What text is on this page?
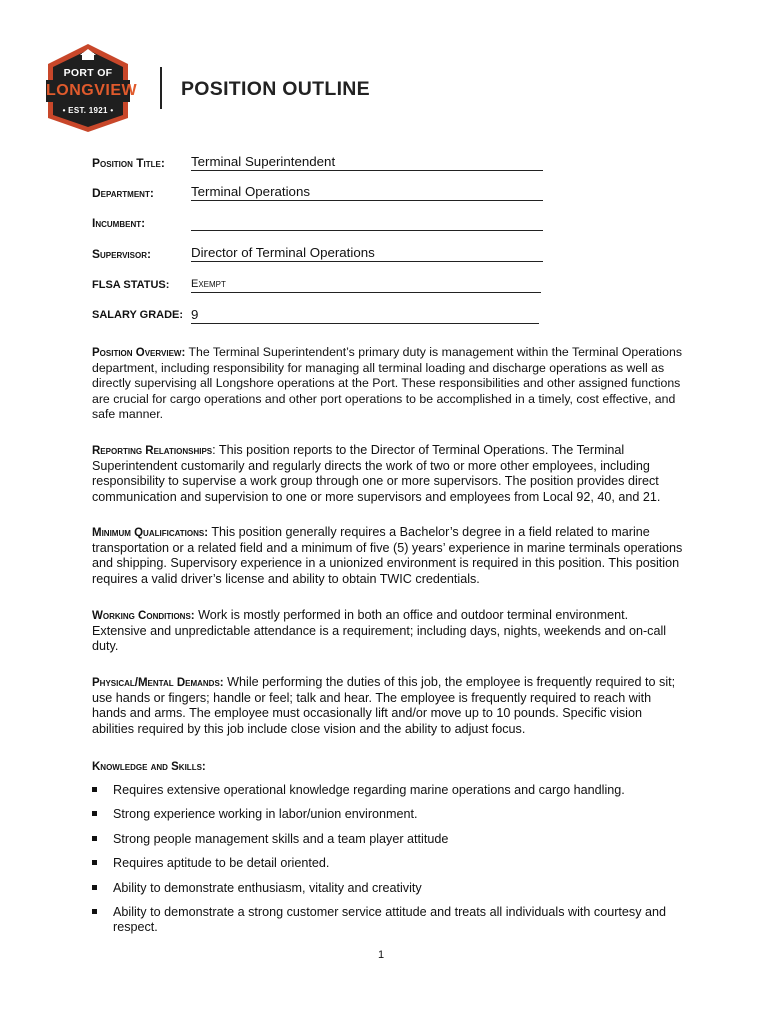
PORT OF
LONGVIEW
• EST. 1921 •
POSITION OUTLINE
Position Title: Terminal Superintendent
Department:	Terminal Operations
Incumbent:
Supervisor:	Director of Terminal Operations
FLSA STATUS: Exempt
SALARY GRADE: 9

Position Overview: The Terminal Superintendent’s primary duty is management within the Terminal Operations department, including responsibility for managing all terminal loading and discharge operations as well as directly supervising all Longshore operations at the Port. These responsibilities and other assigned functions are crucial for cargo operations and other port operations to be accomplished in a timely, cost effective, and safe manner.

Reporting Relationships: This position reports to the Director of Terminal Operations. The Terminal Superintendent customarily and regularly directs the work of two or more other employees, including responsibility to supervise a work group through one or more supervisors. The position provides direct communication and supervision to one or more supervisors and employees from Local 92, 40, and 21.

Minimum Qualifications: This position generally requires a Bachelor’s degree in a field related to marine transportation or a related field and a minimum of five (5) years’ experience in marine terminals operations and shipping. Supervisory experience in a unionized environment is required in this position. This position requires a valid driver’s license and ability to obtain TWIC credentials.

Working Conditions: Work is mostly performed in both an office and outdoor terminal environment. Extensive and unpredictable attendance is a requirement; including days, nights, weekends and on-call duty.

Physical/Mental Demands: While performing the duties of this job, the employee is frequently required to sit; use hands or fingers; handle or feel; talk and hear. The employee is frequently required to reach with hands and arms. The employee must occasionally lift and/or move up to 10 pounds. Specific vision abilities required by this job include close vision and the ability to adjust focus.

Knowledge and Skills:
Requires extensive operational knowledge regarding marine operations and cargo handling.
Strong experience working in labor/union environment.
Strong people management skills and a team player attitude
Requires aptitude to be detail oriented.
Ability to demonstrate enthusiasm, vitality and creativity
Ability to demonstrate a strong customer service attitude and treats all individuals with courtesy and respect.
1
